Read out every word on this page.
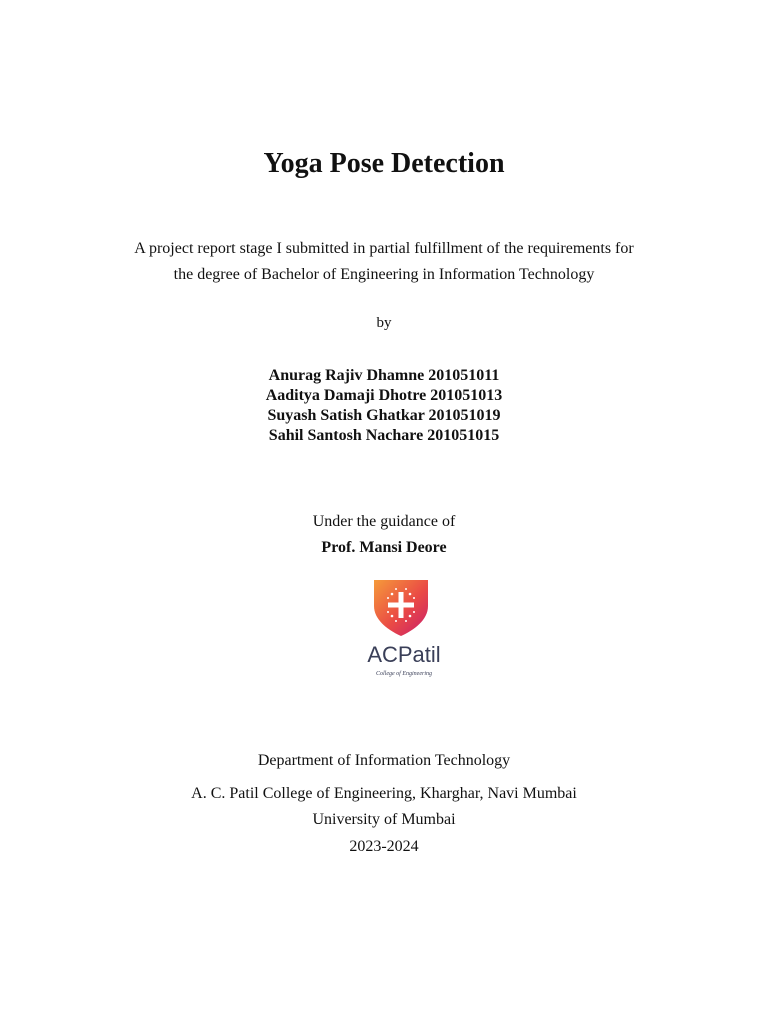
Yoga Pose Detection
A project report stage I submitted in partial fulfillment of the requirements for
the degree of Bachelor of Engineering in Information Technology
by
Anurag Rajiv Dhamne 201051011
Aaditya Damaji Dhotre 201051013
Suyash Satish Ghatkar 201051019
Sahil Santosh Nachare 201051015
Under the guidance of
Prof. Mansi Deore
ACPatil
College of Engineering
Department of Information Technology
A. C. Patil College of Engineering, Kharghar, Navi Mumbai
University of Mumbai
2023-2024
